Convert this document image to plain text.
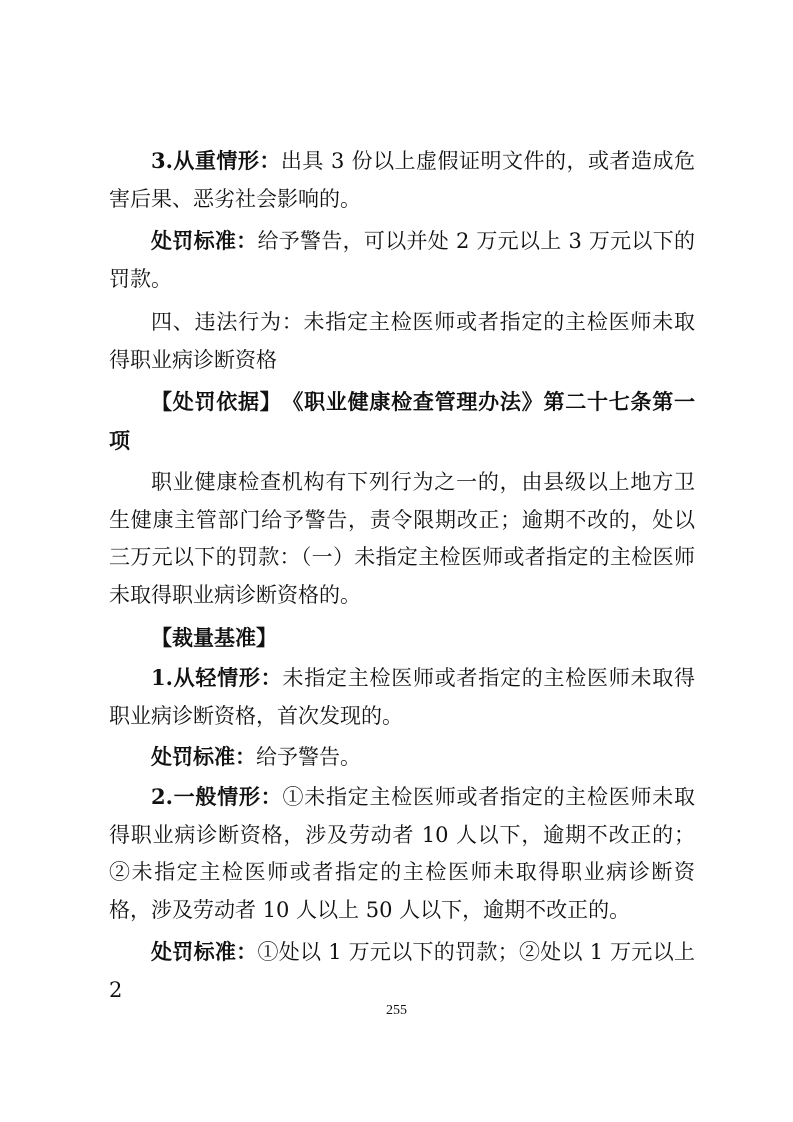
3.从重情形：出具 3 份以上虚假证明文件的，或者造成危害后果、恶劣社会影响的。

处罚标准：给予警告，可以并处 2 万元以上 3 万元以下的罚款。

四、违法行为：未指定主检医师或者指定的主检医师未取得职业病诊断资格

【处罚依据】　《职业健康检查管理办法》第二十七条第一项

职业健康检查机构有下列行为之一的，由县级以上地方卫生健康主管部门给予警告，责令限期改正；逾期不改的，处以三万元以下的罚款：（一）未指定主检医师或者指定的主检医师未取得职业病诊断资格的。

【裁量基准】

1.从轻情形：未指定主检医师或者指定的主检医师未取得职业病诊断资格，首次发现的。

处罚标准：给予警告。

2.一般情形：①未指定主检医师或者指定的主检医师未取得职业病诊断资格，涉及劳动者 10 人以下，逾期不改正的；②未指定主检医师或者指定的主检医师未取得职业病诊断资格，涉及劳动者 10 人以上 50 人以下，逾期不改正的。

处罚标准：①处以 1 万元以下的罚款；②处以 1 万元以上 2

255
